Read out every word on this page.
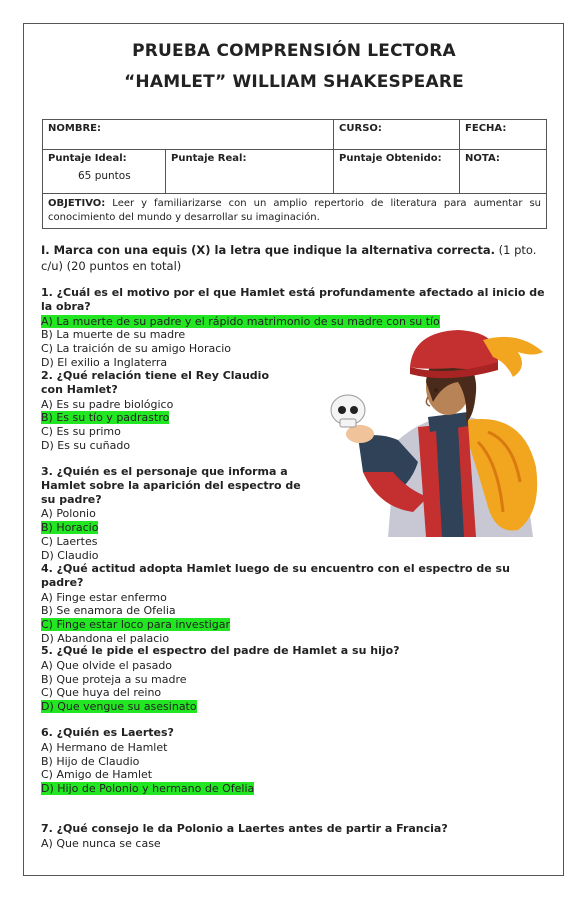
PRUEBA COMPRENSIÓN LECTORA
“HAMLET” WILLIAM SHAKESPEARE
NOMBRE:		CURSO:	FECHA:
Puntaje Ideal:
65 puntos	Puntaje Real:	Puntaje Obtenido:	NOTA:
OBJETIVO: Leer y familiarizarse con un amplio repertorio de literatura para aumentar su conocimiento del mundo y desarrollar su imaginación.			
I. Marca con una equis (X) la letra que indique la alternativa correcta. (1 pto. c/u) (20 puntos en total)
1. ¿Cuál es el motivo por el que Hamlet está profundamente afectado al inicio de la obra?
A) La muerte de su padre y el rápido matrimonio de su madre con su tío
B) La muerte de su madre
C) La traición de su amigo Horacio
D) El exilio a Inglaterra
2. ¿Qué relación tiene el Rey Claudio con Hamlet?
A) Es su padre biológico
B) Es su tío y padrastro
C) Es su primo
D) Es su cuñado
3. ¿Quién es el personaje que informa a Hamlet sobre la aparición del espectro de su padre?
A) Polonio
B) Horacio
C) Laertes
D) Claudio
4. ¿Qué actitud adopta Hamlet luego de su encuentro con el espectro de su padre?
A) Finge estar enfermo
B) Se enamora de Ofelia
C) Finge estar loco para investigar
D) Abandona el palacio
5. ¿Qué le pide el espectro del padre de Hamlet a su hijo?
A) Que olvide el pasado
B) Que proteja a su madre
C) Que huya del reino
D) Que vengue su asesinato
6. ¿Quién es Laertes?
A) Hermano de Hamlet
B) Hijo de Claudio
C) Amigo de Hamlet
D) Hijo de Polonio y hermano de Ofelia
7. ¿Qué consejo le da Polonio a Laertes antes de partir a Francia?
A) Que nunca se case
